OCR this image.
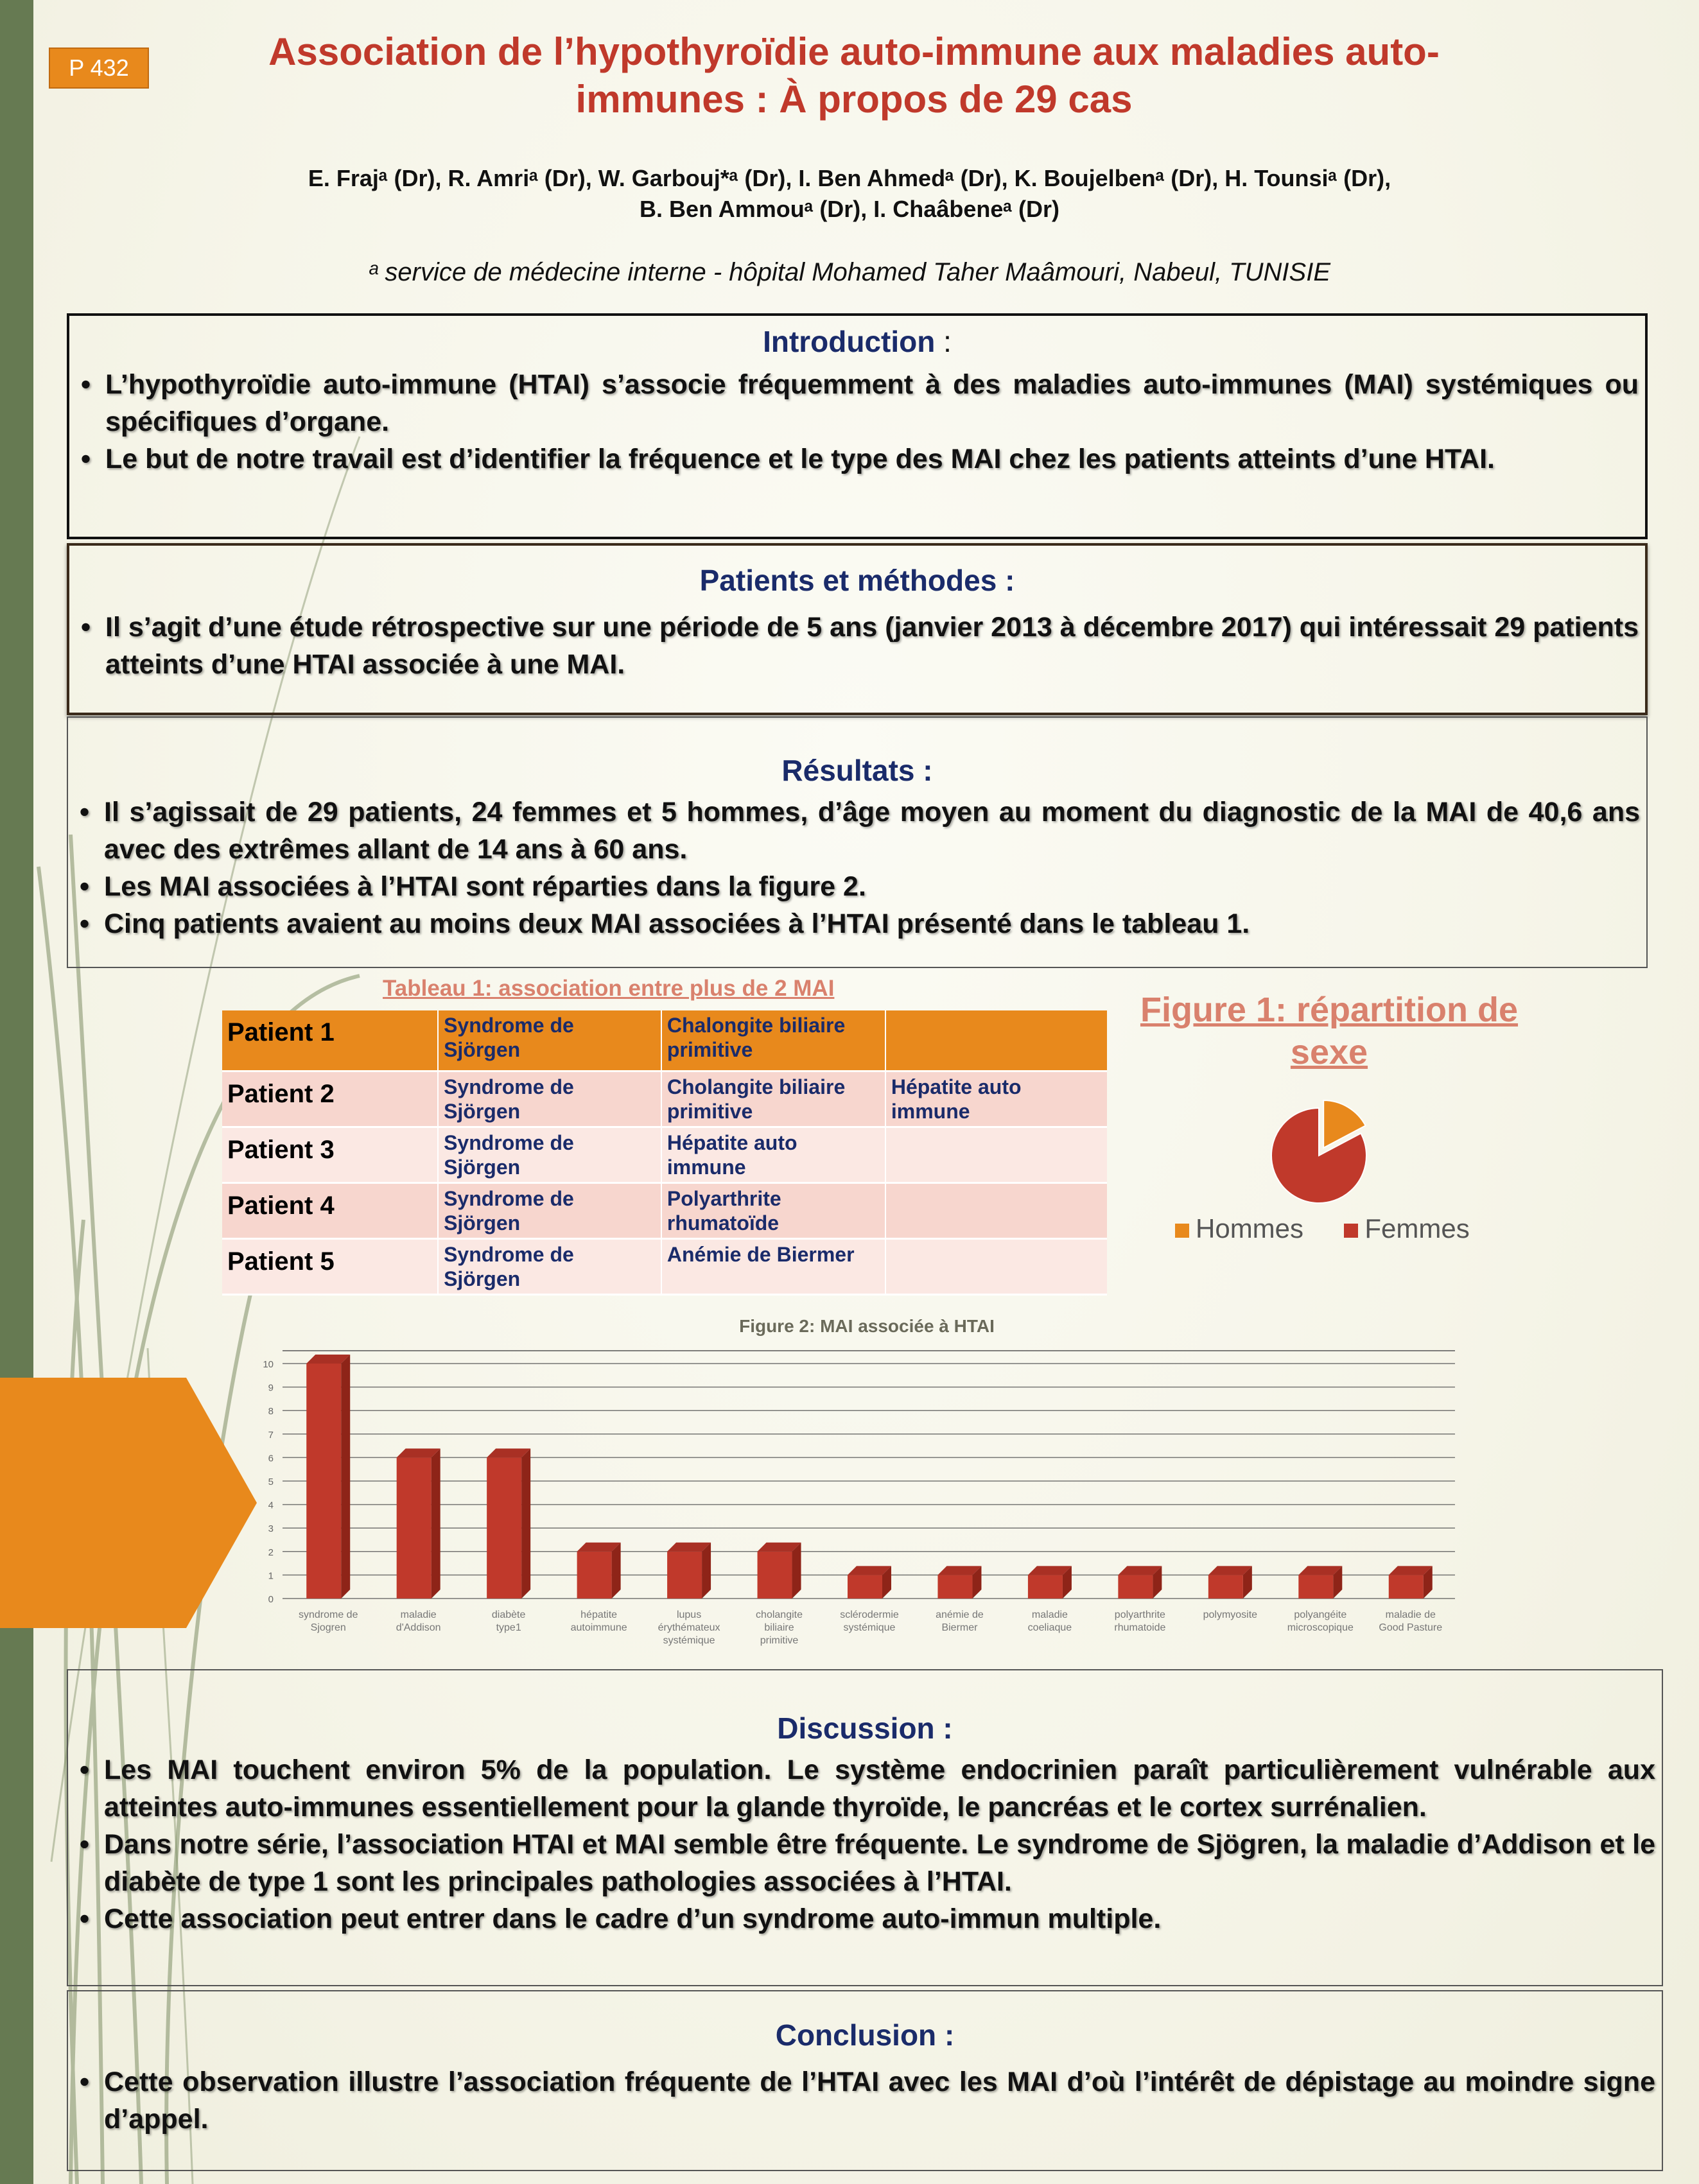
P 432	Association de l’hypothyroïdie auto-immune aux maladies auto-
immunes : À propos de 29 cas
E. Frajᵃ (Dr), R. Amriᵃ (Dr), W. Garbouj*ᵃ (Dr), I. Ben Ahmedᵃ (Dr), K. Boujelbenᵃ (Dr), H. Tounsiᵃ (Dr),
B. Ben Ammouᵃ (Dr), I. Chaâbeneᵃ (Dr)
ᵃ service de médecine interne - hôpital Mohamed Taher Maâmouri, Nabeul, TUNISIE
Introduction :
• L’hypothyroïdie auto-immune (HTAI) s’associe fréquemment à des maladies auto-immunes (MAI) systémiques ou spécifiques d’organe.
• Le but de notre travail est d’identifier la fréquence et le type des MAI chez les patients atteints d’une HTAI.
Patients et méthodes :
• Il s’agit d’une étude rétrospective sur une période de 5 ans (janvier 2013 à décembre 2017) qui intéressait 29 patients atteints d’une HTAI associée à une MAI.
Résultats :
• Il s’agissait de 29 patients, 24 femmes et 5 hommes, d’âge moyen au moment du diagnostic de la MAI de 40,6 ans avec des extrêmes allant de 14 ans à 60 ans.
• Les MAI associées à l’HTAI sont réparties dans la figure 2.
• Cinq patients avaient au moins deux MAI associées à l’HTAI présenté dans le tableau 1.
Tableau 1: association entre plus de 2 MAI
Patient 1	Syndrome de Sjörgen	Chalongite biliaire primitive	
Patient 2	Syndrome de Sjörgen	Cholangite biliaire primitive	Hépatite auto immune
Patient 3	Syndrome de Sjörgen	Hépatite auto immune	
Patient 4	Syndrome de Sjörgen	Polyarthrite rhumatoïde	
Patient 5	Syndrome de Sjörgen	Anémie de Biermer	
Figure 1: répartition de sexe
Hommes Femmes
Figure 2: MAI associée à HTAI
0
1
2
3
4
5
6
7
8
9
10
syndrome de Sjogren
maladie d'Addison
diabète type1
hépatite autoimmune
lupus érythémateux systémique
cholangite biliaire primitive
sclérodermie systémique
anémie de Biermer
maladie coeliaque
polyarthrite rhumatoide
polymyosite	polyangéite microscopique
maladie de Good Pasture
Discussion :
• Les MAI touchent environ 5% de la population. Le système endocrinien paraît particulièrement vulnérable aux atteintes auto-immunes essentiellement pour la glande thyroïde, le pancréas et le cortex surrénalien.
• Dans notre série, l’association HTAI et MAI semble être fréquente. Le syndrome de Sjögren, la maladie d’Addison et le diabète de type 1 sont les principales pathologies associées à l’HTAI.
• Cette association peut entrer dans le cadre d’un syndrome auto-immun multiple.
Conclusion :
• Cette observation illustre l’association fréquente de l’HTAI avec les MAI d’où l’intérêt de dépistage au moindre signe d’appel.
